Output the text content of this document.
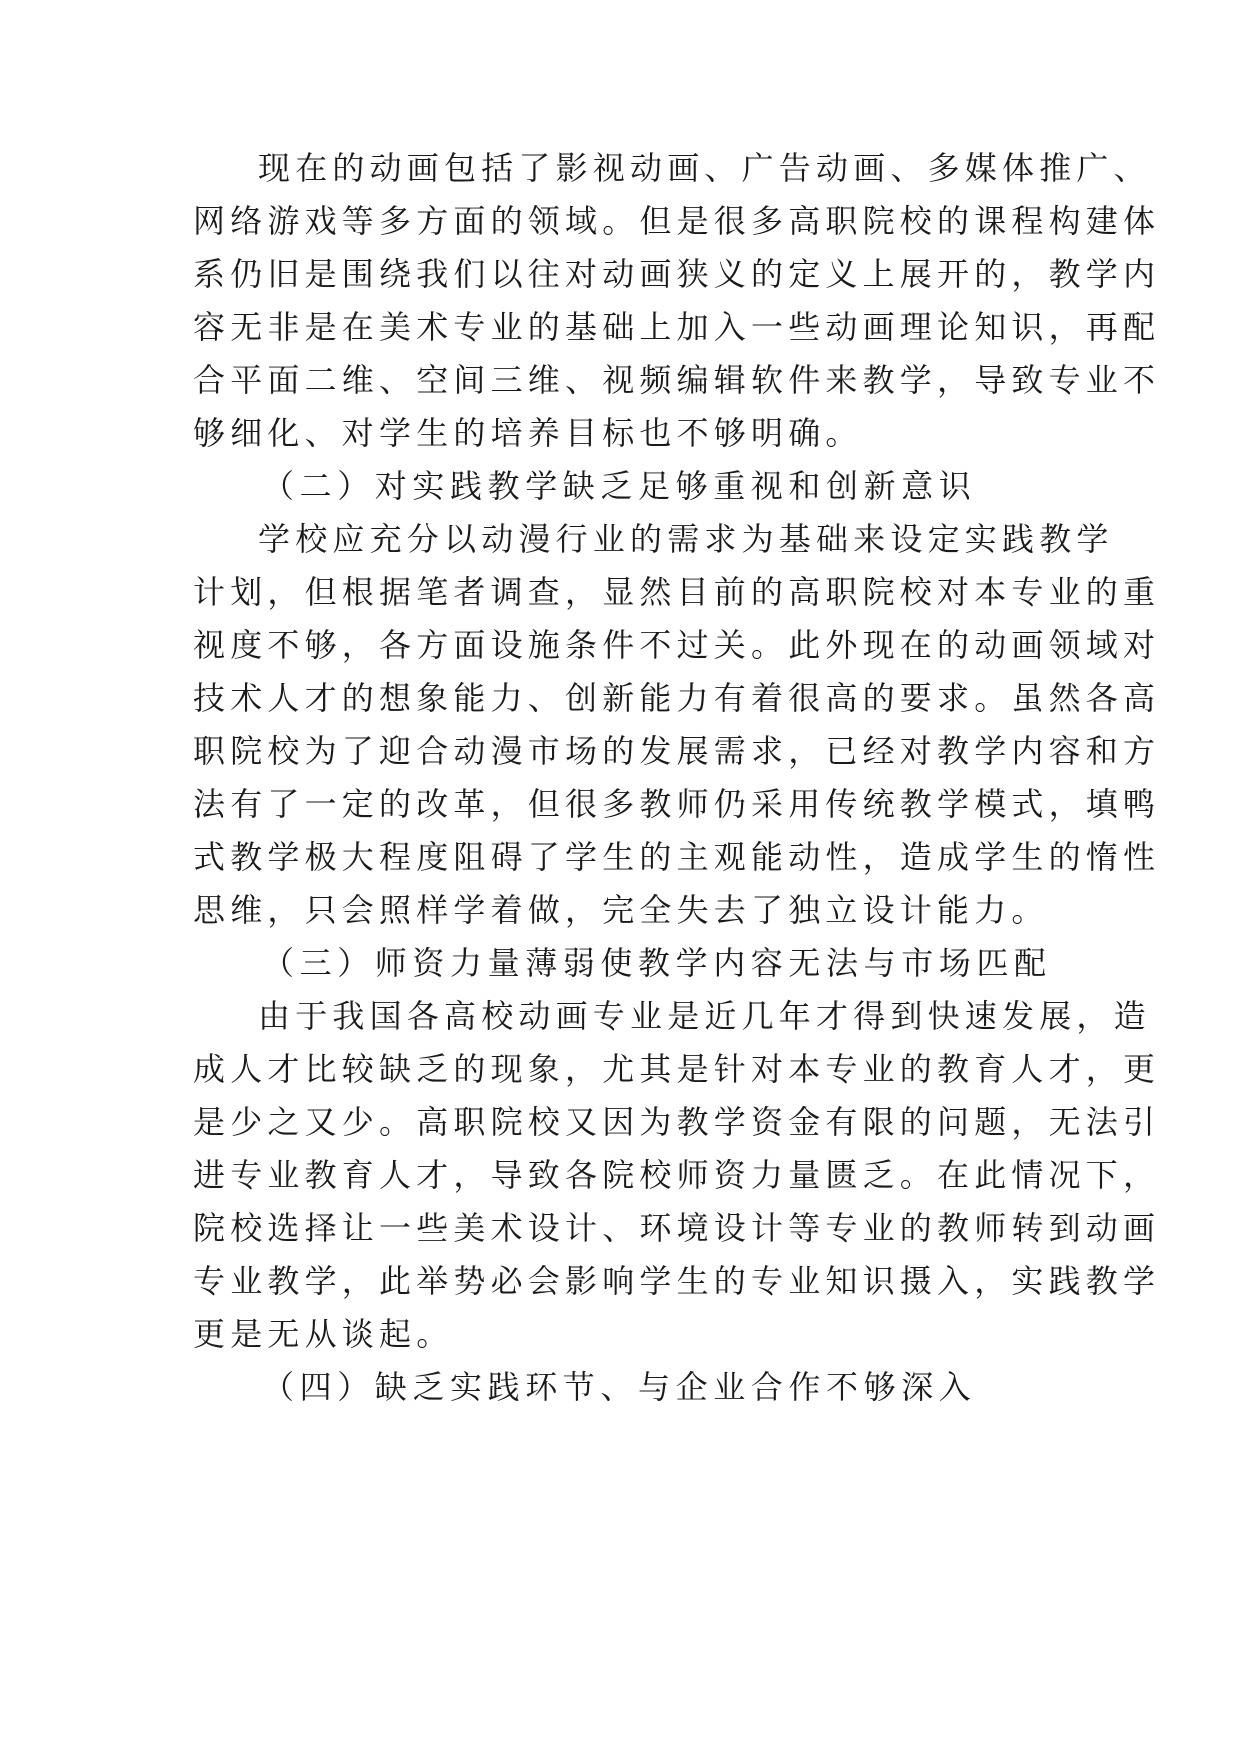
现在的动画包括了影视动画、广告动画、多媒体推广、
网络游戏等多方面的领域。但是很多高职院校的课程构建体
系仍旧是围绕我们以往对动画狭义的定义上展开的，教学内
容无非是在美术专业的基础上加入一些动画理论知识，再配
合平面二维、空间三维、视频编辑软件来教学，导致专业不
够细化、对学生的培养目标也不够明确。
（二）对实践教学缺乏足够重视和创新意识
学校应充分以动漫行业的需求为基础来设定实践教学
计划，但根据笔者调查，显然目前的高职院校对本专业的重
视度不够，各方面设施条件不过关。此外现在的动画领域对
技术人才的想象能力、创新能力有着很高的要求。虽然各高
职院校为了迎合动漫市场的发展需求，已经对教学内容和方
法有了一定的改革，但很多教师仍采用传统教学模式，填鸭
式教学极大程度阻碍了学生的主观能动性，造成学生的惰性
思维，只会照样学着做，完全失去了独立设计能力。
（三）师资力量薄弱使教学内容无法与市场匹配
由于我国各高校动画专业是近几年才得到快速发展，造
成人才比较缺乏的现象，尤其是针对本专业的教育人才，更
是少之又少。高职院校又因为教学资金有限的问题，无法引
进专业教育人才，导致各院校师资力量匮乏。在此情况下，
院校选择让一些美术设计、环境设计等专业的教师转到动画
专业教学，此举势必会影响学生的专业知识摄入，实践教学
更是无从谈起。
（四）缺乏实践环节、与企业合作不够深入
